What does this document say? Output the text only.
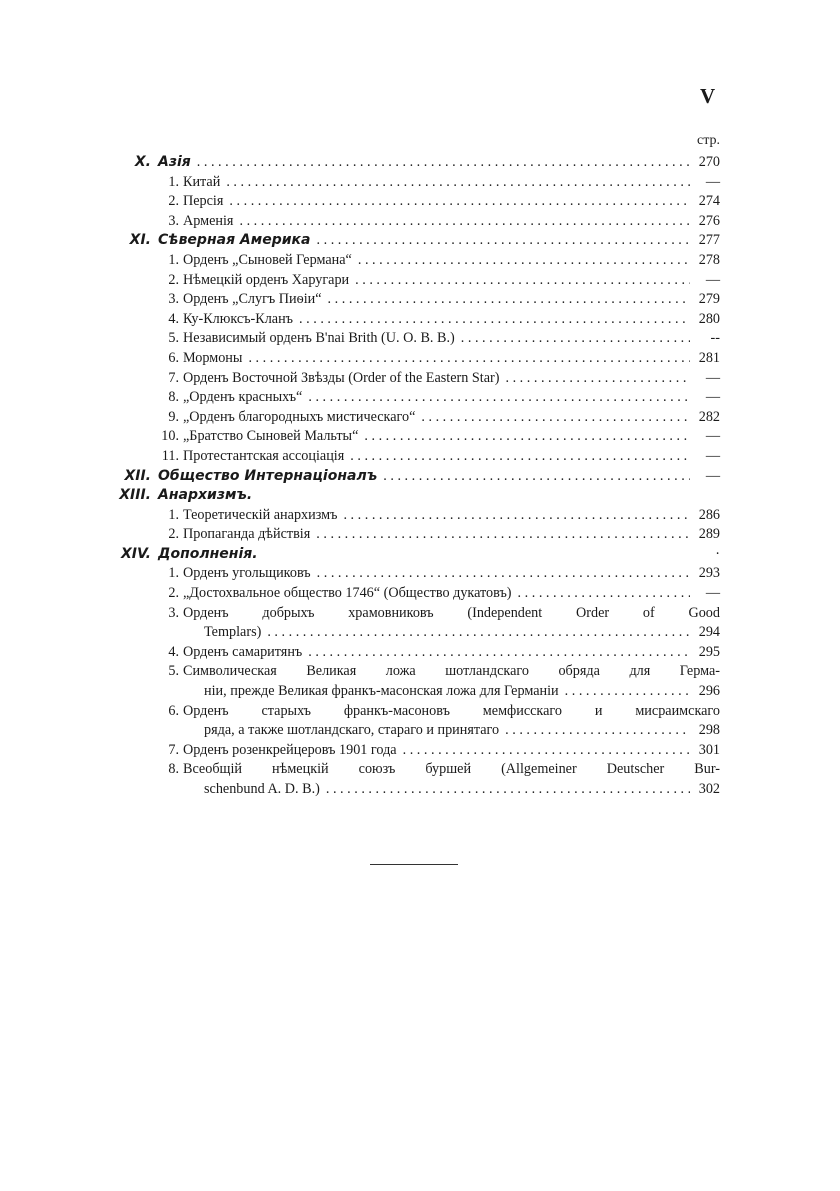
V
стр.
X. Азія . . .	270
1. Китай . . .	—
2. Персія . . .	274
3. Арменія . . .	276
XI. Сѣверная Америка . . .	277
1. Орденъ „Сыновей Германа“ . . .	278
2. Нѣмецкій орденъ Харугари . . .	—
3. Орденъ „Слугъ Пиѳіи“ . . .	279
4. Ку-Клюксъ-Кланъ . . .	280
5. Независимый орденъ B'nai Brith (U. O. B. B.) . . .	--
6. Мормоны . . .	281
7. Орденъ Восточной Звѣзды (Order of the Eastern Star) . . .	—
8. „Орденъ красныхъ“ . . .	—
9. „Орденъ благородныхъ мистическаго“ . . .	282
10. „Братство Сыновей Мальты“ . . .	—
11. Протестантская ассоціація . . .	—
XII. Общество Интернаціоналъ . . .	—
XIII. Анархизмъ.
1. Теоретическій анархизмъ . . .	286
2. Пропаганда дѣйствія . . .	289
XIV. Дополненія.	·
1. Орденъ угольщиковъ . . .	293
2. „Достохвальное общество 1746“ (Общество дукатовъ) . . .	—
3. Орденъ добрыхъ храмовниковъ (Independent Order of Good
Templars) . . .	294
4. Орденъ самаритянъ . . .	295
5. Символическая Великая ложа шотландскаго обряда для Герма-
ніи, прежде Великая франкъ-масонская ложа для Германіи . . .	296
6. Орденъ старыхъ франкъ-масоновъ мемфисскаго и мисраимскаго
ряда, а также шотландскаго, стараго и принятаго . . .	298
7. Орденъ розенкрейцеровъ 1901 года . . .	301
8. Всеобщій нѣмецкій союзъ буршей (Allgemeiner Deutscher Bur-
schenbund A. D. B.) . . .	302
